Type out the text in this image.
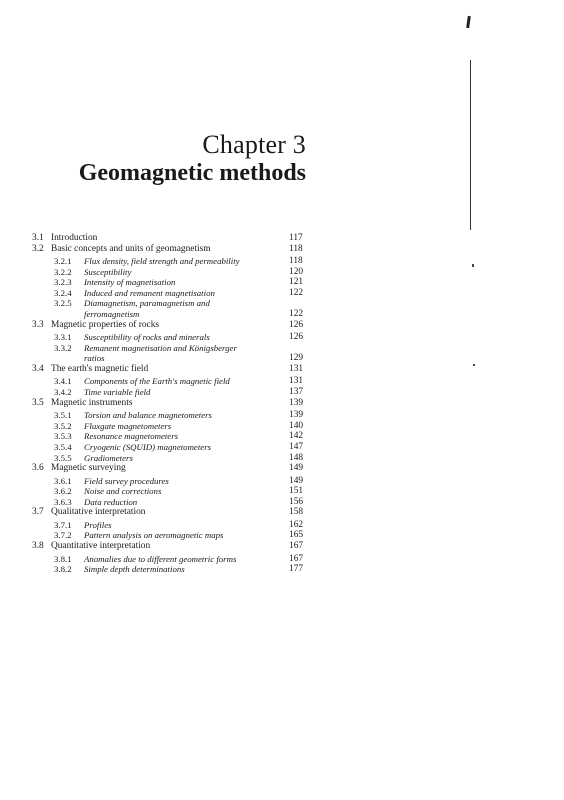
Chapter 3
Geomagnetic methods
3.1 Introduction	117
3.2 Basic concepts and units of geomagnetism	118
3.2.1 Flux density, field strength and permeability	118
3.2.2 Susceptibility	120
3.2.3 Intensity of magnetisation	121
3.2.4 Induced and remanent magnetisation	122
3.2.5 Diamagnetism, paramagnetism and
ferromagnetism	122
3.3 Magnetic properties of rocks	126
3.3.1 Susceptibility of rocks and minerals	126
3.3.2 Remanent magnetisation and Königsberger
ratios	129
3.4 The earth's magnetic field	131
3.4.1 Components of the Earth's magnetic field	131
3.4.2 Time variable field	137
3.5 Magnetic instruments	139
3.5.1 Torsion and balance magnetometers	139
3.5.2 Fluxgate magnetometers	140
3.5.3 Resonance magnetometers	142
3.5.4 Cryogenic (SQUID) magnetometers	147
3.5.5 Gradiometers	148
3.6 Magnetic surveying	149
3.6.1 Field survey procedures	149
3.6.2 Noise and corrections	151
3.6.3 Data reduction	156
3.7 Qualitative interpretation	158
3.7.1 Profiles	162
3.7.2 Pattern analysis on aeromagnetic maps	165
3.8 Quantitative interpretation	167
3.8.1 Anomalies due to different geometric forms	167
3.8.2 Simple depth determinations	177
